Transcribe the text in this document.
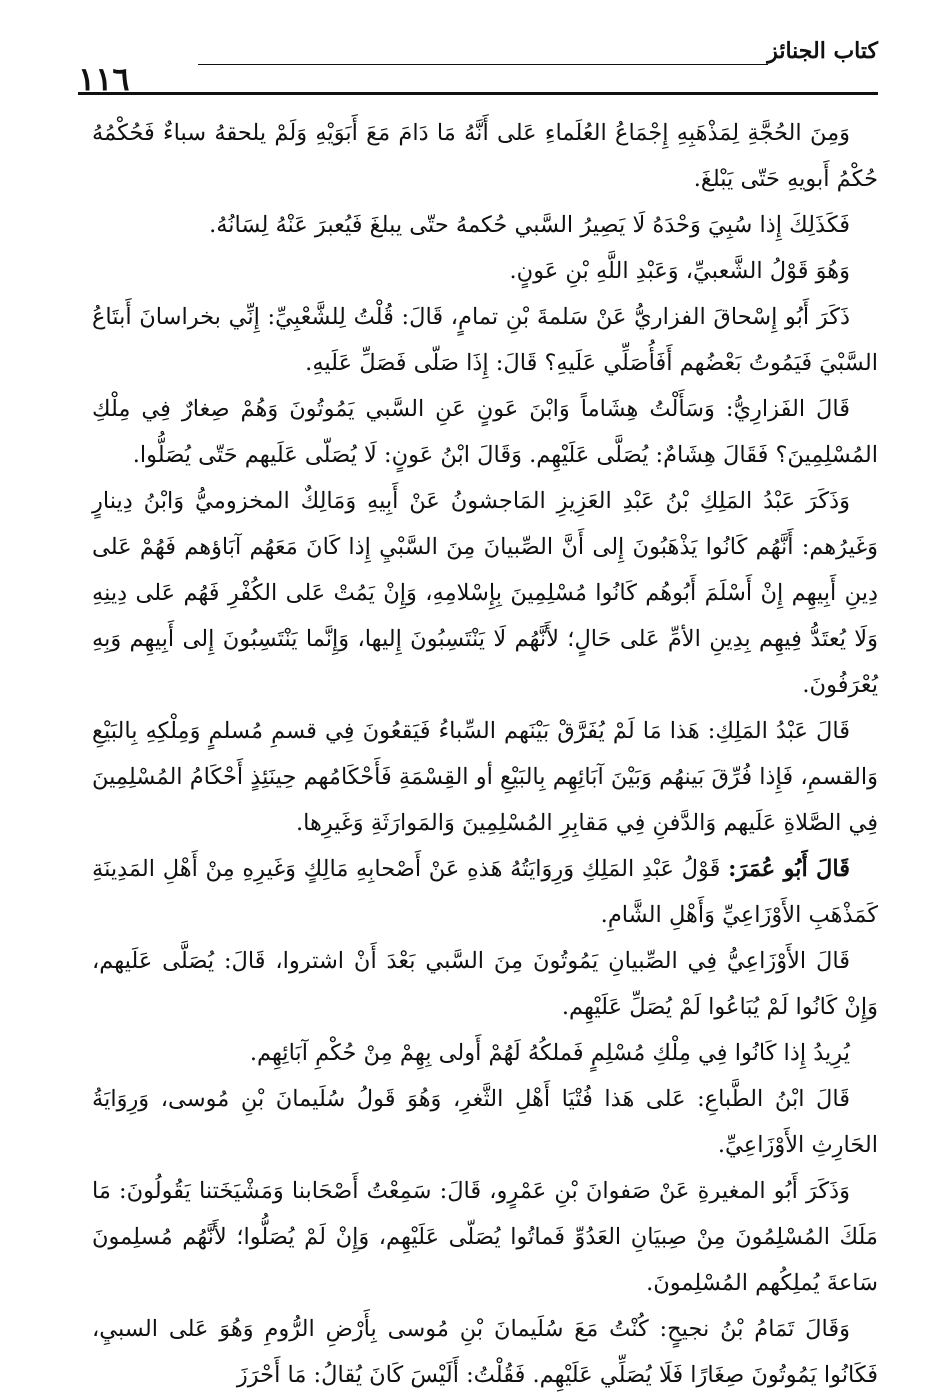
كتاب الجنائز
١١٦

وَمِنَ الحُجَّةِ لِمَذْهَبِهِ إِجْمَاعُ العُلَماءِ عَلى أَنَّهُ مَا دَامَ مَعَ أَبَوَيْهِ وَلَمْ يلحقهُ سباءٌ فَحُكْمُهُ حُكْمُ أَبويهِ حَتّى يَبْلغَ.

فَكَذَلِكَ إِذا سُبِيَ وَحْدَهُ لَا يَصِيرُ السَّبي حُكمهُ حتّى يبلغَ فَيُعبرَ عَنْهُ لِسَانُهُ.

وَهُوَ قَوْلُ الشَّعبيِّ، وَعَبْدِ اللَّهِ بْنِ عَونٍ.

ذَكَرَ أَبُو إِسْحاقَ الفزاريُّ عَنْ سَلمةَ بْنِ تمامٍ، قَالَ: قُلْتُ لِلشَّعْبِيِّ: إِنِّي بخراسانَ أَبتَاعُ السَّبْيَ فَيَمُوتُ بَعْضُهم أَفَأُصَلِّي عَلَيهِ؟ قَالَ: إِذَا صَلّى فَصَلِّ عَلَيهِ.

قَالَ الفَزارِيُّ: وَسَأَلْتُ هِشَاماً وَابْنَ عَونٍ عَنِ السَّبي يَمُوتُونَ وَهُمْ صِغارٌ فِي مِلْكِ المُسْلِمِينَ؟ فَقَالَ هِشَامٌ: يُصَلَّى عَلَيْهِم. وَقَالَ ابْنُ عَونٍ: لَا يُصَلّى عَلَيهم حَتّى يُصَلُّوا.

وَذَكَرَ عَبْدُ المَلِكِ بْنُ عَبْدِ العَزِيزِ المَاجشونُ عَنْ أَبِيهِ وَمَالِكٌ المخزوميُّ وَابْنُ دِينارٍ وَغَيرُهم: أَنَّهُم كَانُوا يَذْهَبُونَ إِلى أَنَّ الصِّبيانَ مِنَ السَّبْيِ إِذا كَانَ مَعَهُم آبَاؤهم فَهُمْ عَلى دِينِ أَبِيهِم إِنْ أَسْلَمَ أَبُوهُم كَانُوا مُسْلِمِينَ بِإِسْلامِهِ، وَإِنْ يَمُتْ عَلى الكُفْرِ فَهُم عَلى دِينِهِ وَلَا يُعتَدُّ فِيهِم بِدِينِ الأمِّ عَلى حَالٍ؛ لأَنَّهُم لَا يَنْتَسِبُونَ إِليها، وَإِنَّما يَنْتَسِبُونَ إِلى أَبِيهِم وَبِهِ يُعْرَفُونَ.

قَالَ عَبْدُ المَلِكِ: هَذا مَا لَمْ يُفَرَّقْ بَيْنَهم السِّباءُ فَيَقعُونَ فِي قسمِ مُسلمٍ وَمِلْكِهِ بِالبَيْعِ وَالقسمِ، فَإِذا فُرِّقَ بَينهُم وَبَيْنَ آبَائِهِم بِالبَيْعِ أو القِسْمَةِ فَأَحْكَامُهم حِينَئِذٍ أَحْكَامُ المُسْلِمِينَ فِي الصَّلاةِ عَلَيهم وَالدَّفنِ فِي مَقابِرِ المُسْلِمِينَ وَالمَوارَثَةِ وَغَيرِها.

قَالَ أَبُو عُمَرَ: قَوْلُ عَبْدِ المَلِكِ وَرِوَايَتُهُ هَذهِ عَنْ أَصْحابِهِ مَالِكٍ وَغَيرِهِ مِنْ أَهْلِ المَدِينَةِ كَمَذْهَبِ الأَوْزَاعِيِّ وَأَهْلِ الشَّامِ.

قَالَ الأَوْزَاعِيُّ فِي الصِّبيانِ يَمُوتُونَ مِنَ السَّبي بَعْدَ أَنْ اشتروا، قَالَ: يُصَلَّى عَلَيهم، وَإِنْ كَانُوا لَمْ يُبَاعُوا لَمْ يُصَلِّ عَلَيْهِم.

يُرِيدُ إِذا كَانُوا فِي مِلْكِ مُسْلِمٍ فَملكُهُ لَهُمْ أَولى بِهِمْ مِنْ حُكْمِ آبَائِهِم.

قَالَ ابْنُ الطَّباعِ: عَلى هَذا فُتْيَا أَهْلِ الثَّغرِ، وَهُوَ قَولُ سُلَيمانَ بْنِ مُوسى، وَرِوَايَةُ الحَارِثِ الأَوْزَاعِيِّ.

وَذَكَرَ أَبُو المغيرةِ عَنْ صَفوانَ بْنِ عَمْرٍو، قَالَ: سَمِعْتُ أَصْحَابنا وَمَشْيَخَتنا يَقُولُونَ: مَا مَلَكَ المُسْلِمُونَ مِنْ صِبيَانِ العَدُوِّ فَماتُوا يُصَلّى عَلَيْهِم، وَإِنْ لَمْ يُصَلُّوا؛ لأَنَّهُم مُسلِمونَ سَاعةَ يُملِكُهم المُسْلِمونَ.

وَقَالَ تَمَامُ بْنُ نجيحٍ: كُنْتُ مَعَ سُلَيمانَ بْنِ مُوسى بِأَرْضِ الرُّومِ وَهُوَ عَلى السبيِ، فَكَانُوا يَمُوتُونَ صِغَارًا فَلَا يُصَلِّي عَلَيْهِم. فَقُلْتُ: أَلَيْسَ كَانَ يُقالُ: مَا أَحْرَزَ
